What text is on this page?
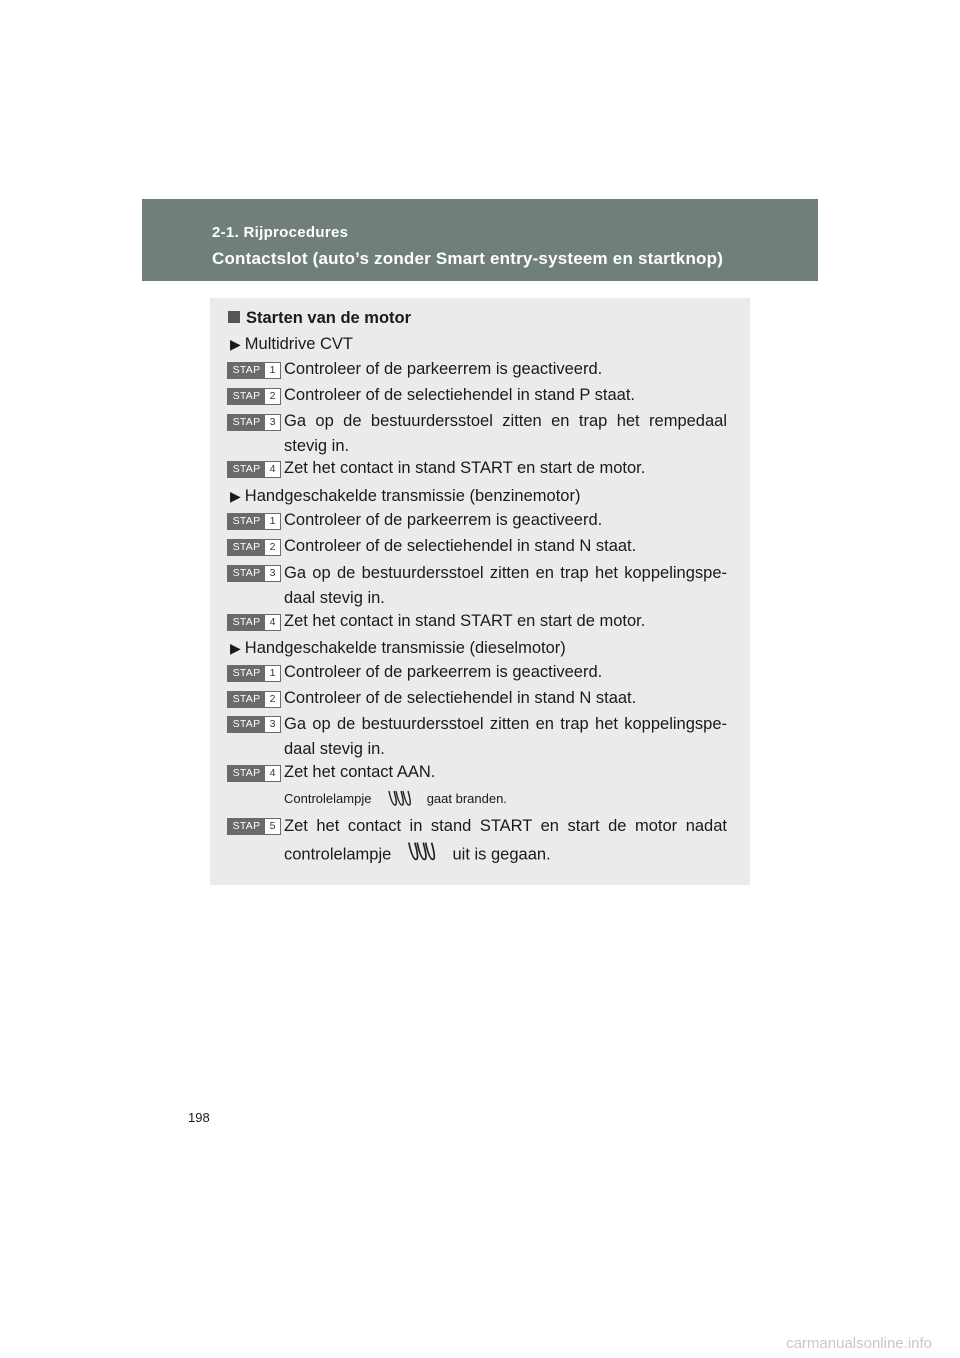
2-1. Rijprocedures
Contactslot (auto’s zonder Smart entry-systeem en startknop)
Starten van de motor
▶ Multidrive CVT
STAP 1 Controleer of de parkeerrem is geactiveerd.
STAP 2 Controleer of de selectiehendel in stand P staat.
STAP 3 Ga op de bestuurdersstoel zitten en trap het rempedaal stevig in.
STAP 4 Zet het contact in stand START en start de motor.
▶ Handgeschakelde transmissie (benzinemotor)
STAP 1 Controleer of de parkeerrem is geactiveerd.
STAP 2 Controleer of de selectiehendel in stand N staat.
STAP 3 Ga op de bestuurdersstoel zitten en trap het koppelingspe-daal stevig in.
STAP 4 Zet het contact in stand START en start de motor.
▶ Handgeschakelde transmissie (dieselmotor)
STAP 1 Controleer of de parkeerrem is geactiveerd.
STAP 2 Controleer of de selectiehendel in stand N staat.
STAP 3 Ga op de bestuurdersstoel zitten en trap het koppelingspe-daal stevig in.
STAP 4 Zet het contact AAN.
Controlelampje	gaat branden.
STAP 5 Zet het contact in stand START en start de motor nadat controlelampje	uit is gegaan.
198
carmanualsonline.info
